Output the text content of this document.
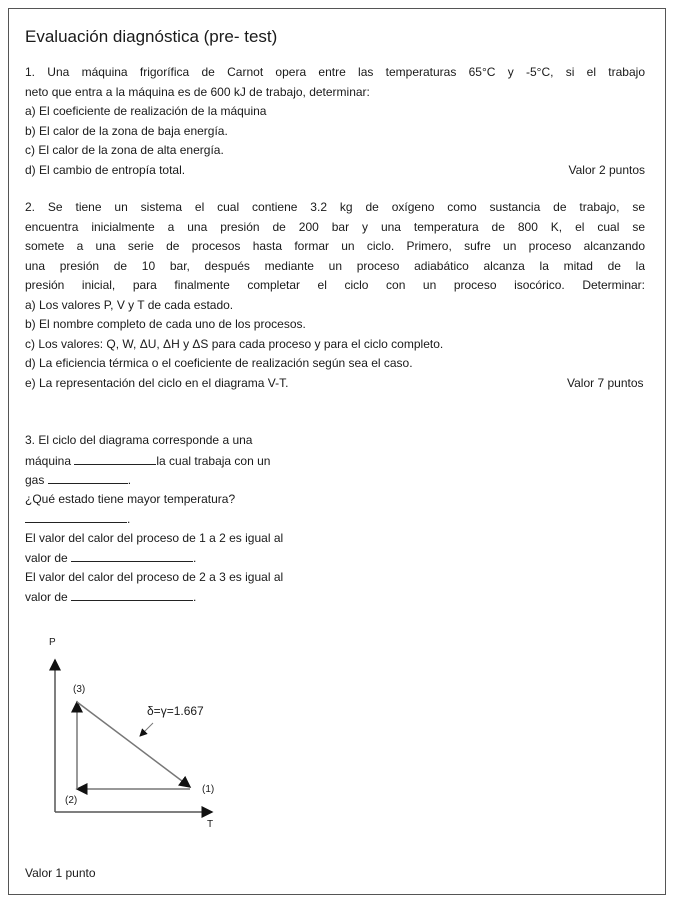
Evaluación diagnóstica (pre- test)
1. Una máquina frigorífica de Carnot opera entre las temperaturas 65°C y -5°C, si el trabajo
neto que entra a la máquina es de 600 kJ de trabajo, determinar:
a) El coeficiente de realización de la máquina
b) El calor de la zona de baja energía.
c) El calor de la zona de alta energía.
d) El cambio de entropía total.	Valor 2 puntos
2. Se tiene un sistema el cual contiene 3.2 kg de oxígeno como sustancia de trabajo, se
encuentra inicialmente a una presión de 200 bar y una temperatura de 800 K, el cual se
somete a una serie de procesos hasta formar un ciclo. Primero, sufre un proceso alcanzando
una presión de 10 bar, después mediante un proceso adiabático alcanza la mitad de la
presión inicial, para finalmente completar el ciclo con un proceso isocórico. Determinar:
a) Los valores P, V y T de cada estado.
b) El nombre completo de cada uno de los procesos.
c) Los valores: Q, W, ΔU, ΔH y ΔS para cada proceso y para el ciclo completo.
d) La eficiencia térmica o el coeficiente de realización según sea el caso.
e) La representación del ciclo en el diagrama V-T.	Valor 7 puntos
3. El ciclo del diagrama corresponde a una
máquina	la cual trabaja con un
gas	.
¿Qué estado tiene mayor temperatura?
.
El valor del calor del proceso de 1 a 2 es igual al
valor de	.
El valor del calor del proceso de 2 a 3 es igual al
valor de	.
P
T
(3)
(2)
(1)
δ=γ=1.667
Valor 1 punto
